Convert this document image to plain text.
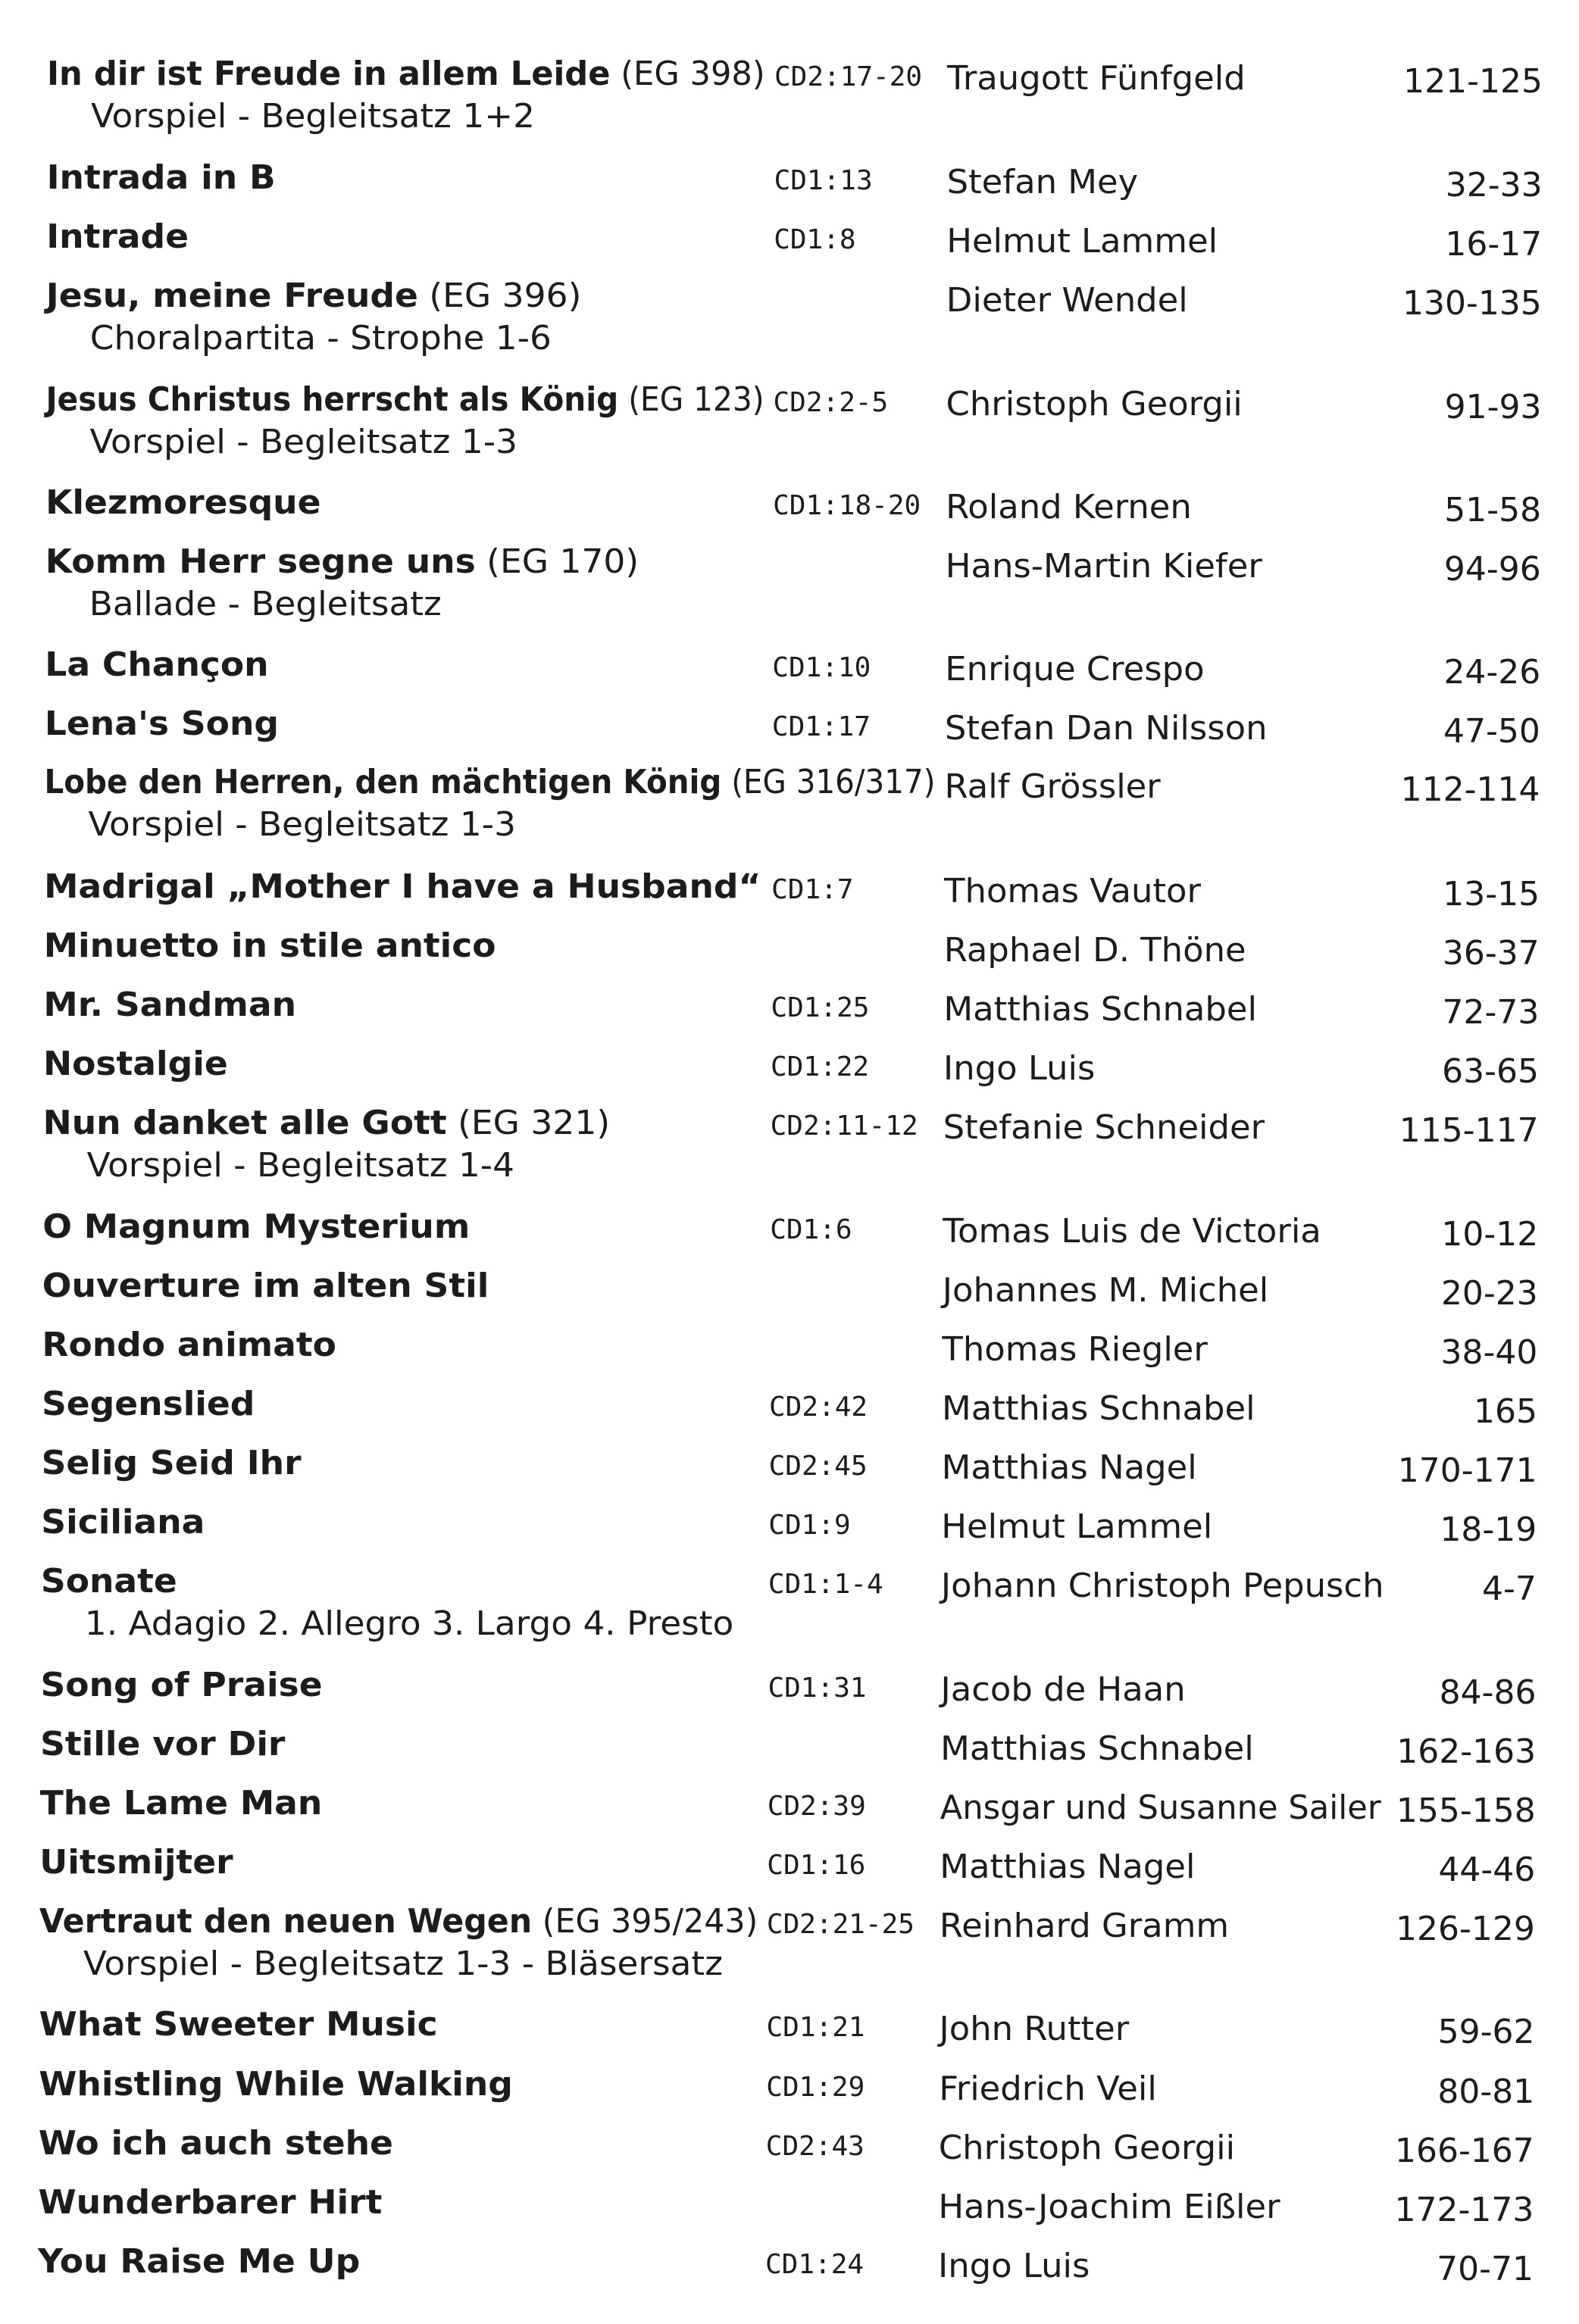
In dir ist Freude in allem Leide (EG 398) CD2:17-20 Traugott Fünfgeld	121-125
Vorspiel - Begleitsatz 1+2
Intrada in B	CD1:13 Stefan Mey	32-33
Intrade	CD1:8	Helmut Lammel	16-17
Jesu, meine Freude (EG 396)	Dieter Wendel	130-135
Choralpartita - Strophe 1-6
Jesus Christus herrscht als König (EG 123) CD2:2-5 Christoph Georgii	91-93
Vorspiel - Begleitsatz 1-3
Klezmoresque	CD1:18-20 Roland Kernen	51-58
Komm Herr segne uns (EG 170)	Hans-Martin Kiefer	94-96
Ballade - Begleitsatz
La Chançon	CD1:10 Enrique Crespo	24-26
Lena's Song	CD1:17 Stefan Dan Nilsson	47-50
Lobe den Herren, den mächtigen König (EG 316/317) Ralf Grössler	112-114
Vorspiel - Begleitsatz 1-3
Madrigal „Mother I have a Husband“ CD1:7	Thomas Vautor	13-15
Minuetto in stile antico	Raphael D. Thöne	36-37
Mr. Sandman	CD1:25 Matthias Schnabel	72-73
Nostalgie	CD1:22 Ingo Luis	63-65
Nun danket alle Gott (EG 321)	CD2:11-12 Stefanie Schneider	115-117
Vorspiel - Begleitsatz 1-4
O Magnum Mysterium	CD1:6	Tomas Luis de Victoria	10-12
Ouverture im alten Stil	Johannes M. Michel	20-23
Rondo animato	Thomas Riegler	38-40
Segenslied	CD2:42 Matthias Schnabel	165
Selig Seid Ihr	CD2:45 Matthias Nagel	170-171
Siciliana	CD1:9	Helmut Lammel	18-19
Sonate	CD1:1-4 Johann Christoph Pepusch	4-7
1. Adagio 2. Allegro 3. Largo 4. Presto
Song of Praise	CD1:31 Jacob de Haan	84-86
Stille vor Dir	Matthias Schnabel	162-163
The Lame Man	CD2:39 Ansgar und Susanne Sailer 155-158
Uitsmijter	CD1:16 Matthias Nagel	44-46
Vertraut den neuen Wegen (EG 395/243) CD2:21-25 Reinhard Gramm	126-129
Vorspiel - Begleitsatz 1-3 - Bläsersatz
What Sweeter Music	CD1:21 John Rutter	59-62
Whistling While Walking	CD1:29 Friedrich Veil	80-81
Wo ich auch stehe	CD2:43 Christoph Georgii	166-167
Wunderbarer Hirt	Hans-Joachim Eißler	172-173
You Raise Me Up	CD1:24 Ingo Luis	70-71
